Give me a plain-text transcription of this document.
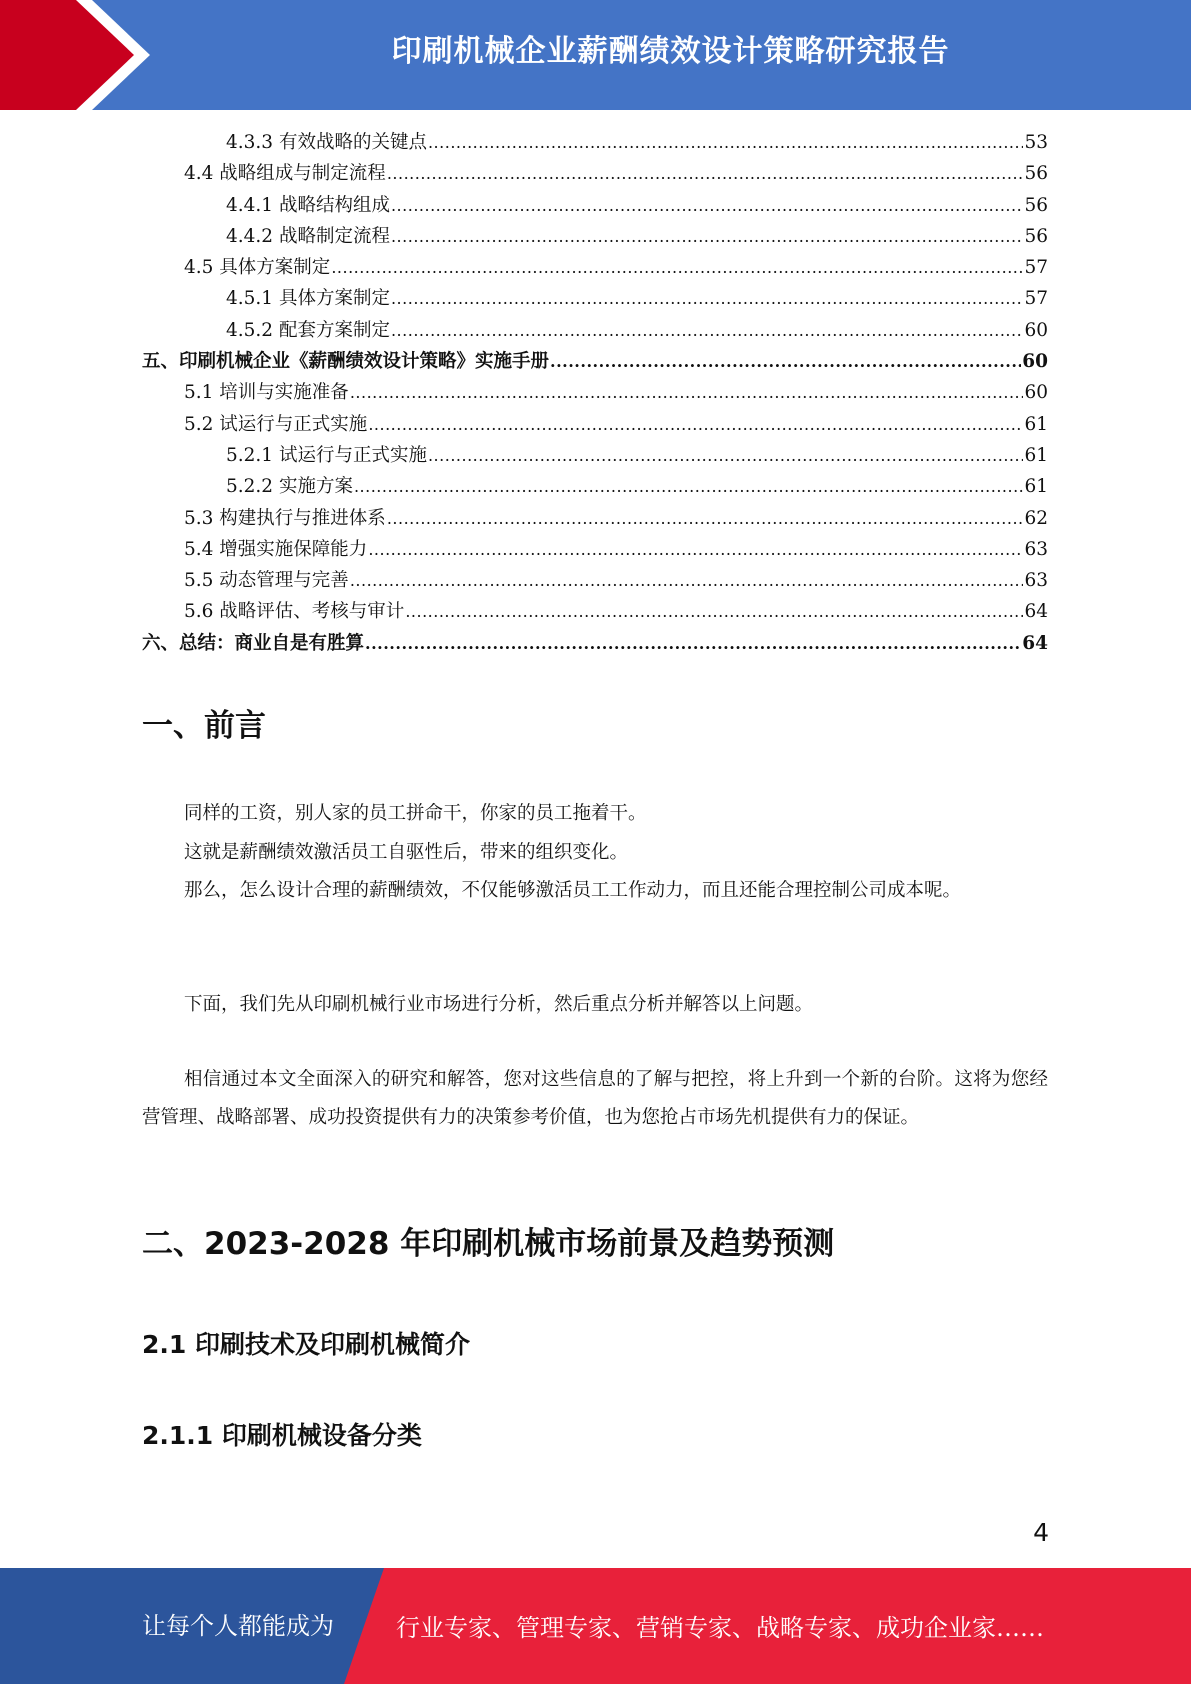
印刷机械企业薪酬绩效设计策略研究报告
4.3.3 有效战略的关键点 .....	53
4.4 战略组成与制定流程 .....	56
4.4.1 战略结构组成 .....	56
4.4.2 战略制定流程 .....	56
4.5 具体方案制定 .....	57
4.5.1 具体方案制定 .....	57
4.5.2 配套方案制定 .....	60
五、印刷机械企业《薪酬绩效设计策略》实施手册 .....	60
5.1 培训与实施准备 .....	60
5.2 试运行与正式实施 .....	61
5.2.1 试运行与正式实施 .....	61
5.2.2 实施方案 .....	61
5.3 构建执行与推进体系 .....	62
5.4 增强实施保障能力 .....	63
5.5 动态管理与完善 .....	63
5.6 战略评估、考核与审计 .....	64
六、总结：商业自是有胜算 .....	64
一、前言

同样的工资，别人家的员工拼命干，你家的员工拖着干。

这就是薪酬绩效激活员工自驱性后，带来的组织变化。

那么，怎么设计合理的薪酬绩效，不仅能够激活员工工作动力，而且还能合理控制公司成本呢。

下面，我们先从印刷机械行业市场进行分析，然后重点分析并解答以上问题。

相信通过本文全面深入的研究和解答，您对这些信息的了解与把控，将上升到一个新的台阶。这将为您经营管理、战略部署、成功投资提供有力的决策参考价值，也为您抢占市场先机提供有力的保证。

二、2023-2028 年印刷机械市场前景及趋势预测
2.1 印刷技术及印刷机械简介
2.1.1 印刷机械设备分类
4
让每个人都能成为	行业专家、管理专家、营销专家、战略专家、成功企业家……
